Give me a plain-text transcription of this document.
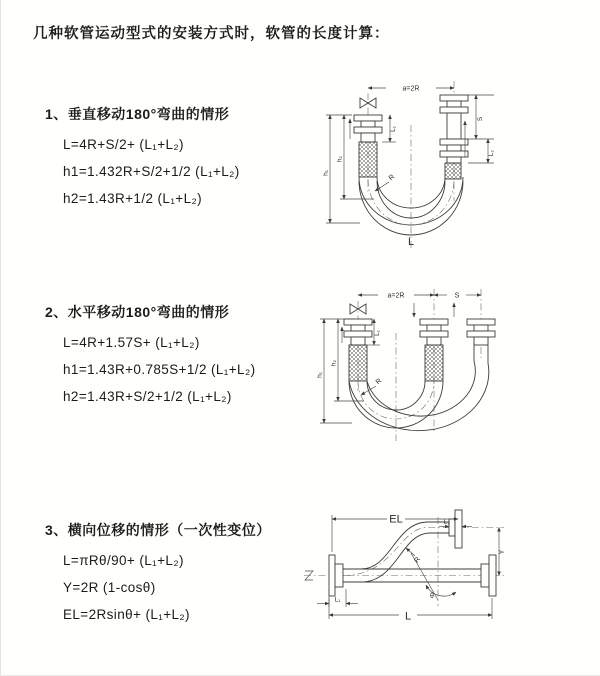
几种软管运动型式的安装方式时，软管的长度计算：
1、垂直移动180°弯曲的情形
L=4R+S/2+ (L₁+L₂)
h1=1.432R+S/2+1/2 (L₁+L₂)
h2=1.43R+1/2 (L₁+L₂)
2、水平移动180°弯曲的情形
L=4R+1.57S+ (L₁+L₂)
h1=1.43R+0.785S+1/2 (L₁+L₂)
h2=1.43R+S/2+1/2 (L₁+L₂)
3、横向位移的情形（一次性变位）
L=πRθ/90+ (L₁+L₂)
Y=2R (1-cosθ)
EL=2Rsinθ+ (L₁+L₂)
a=2R
h₁
h₂
S
L₂
L₁
R
L
a=2R	S
h₁
h₂
L₁
R
θ
R
EL	L₂
Y
L₁
L
